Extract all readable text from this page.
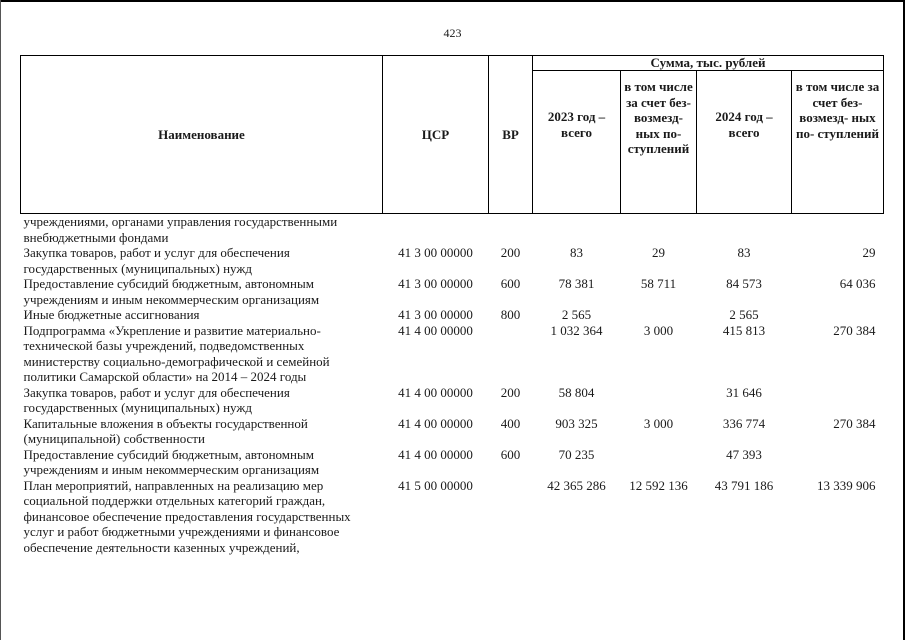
423
Наименование	ЦСР	ВР	Сумма, тыс. рублей			
			2023 год – всего	в том числе за счет без- возмезд- ных по- ступлений	2024 год – всего	в том числе за счет без- возмезд- ных по- ступлений
учреждениями, органами управления государственными внебюджетными фондами						
Закупка товаров, работ и услуг для обеспечения государственных (муниципальных) нужд	41 3 00 00000	200	83	29	83	29
Предоставление субсидий бюджетным, автономным учреждениям и иным некоммерческим организациям	41 3 00 00000	600	78 381	58 711	84 573	64 036
Иные бюджетные ассигнования	41 3 00 00000	800	2 565		2 565	
Подпрограмма «Укрепление и развитие материально-технической базы учреждений, подведомственных министерству социально-демографической и семейной политики Самарской области» на 2014 – 2024 годы	41 4 00 00000		1 032 364	3 000	415 813	270 384
Закупка товаров, работ и услуг для обеспечения государственных (муниципальных) нужд	41 4 00 00000	200	58 804		31 646	
Капитальные вложения в объекты государственной (муниципальной) собственности	41 4 00 00000	400	903 325	3 000	336 774	270 384
Предоставление субсидий бюджетным, автономным учреждениям и иным некоммерческим организациям	41 4 00 00000	600	70 235		47 393	
План мероприятий, направленных на реализацию мер социальной поддержки отдельных категорий граждан, финансовое обеспечение предоставления государственных услуг и работ бюджетными учреждениями и финансовое обеспечение деятельности казенных учреждений,	41 5 00 00000		42 365 286	12 592 136	43 791 186	13 339 906
